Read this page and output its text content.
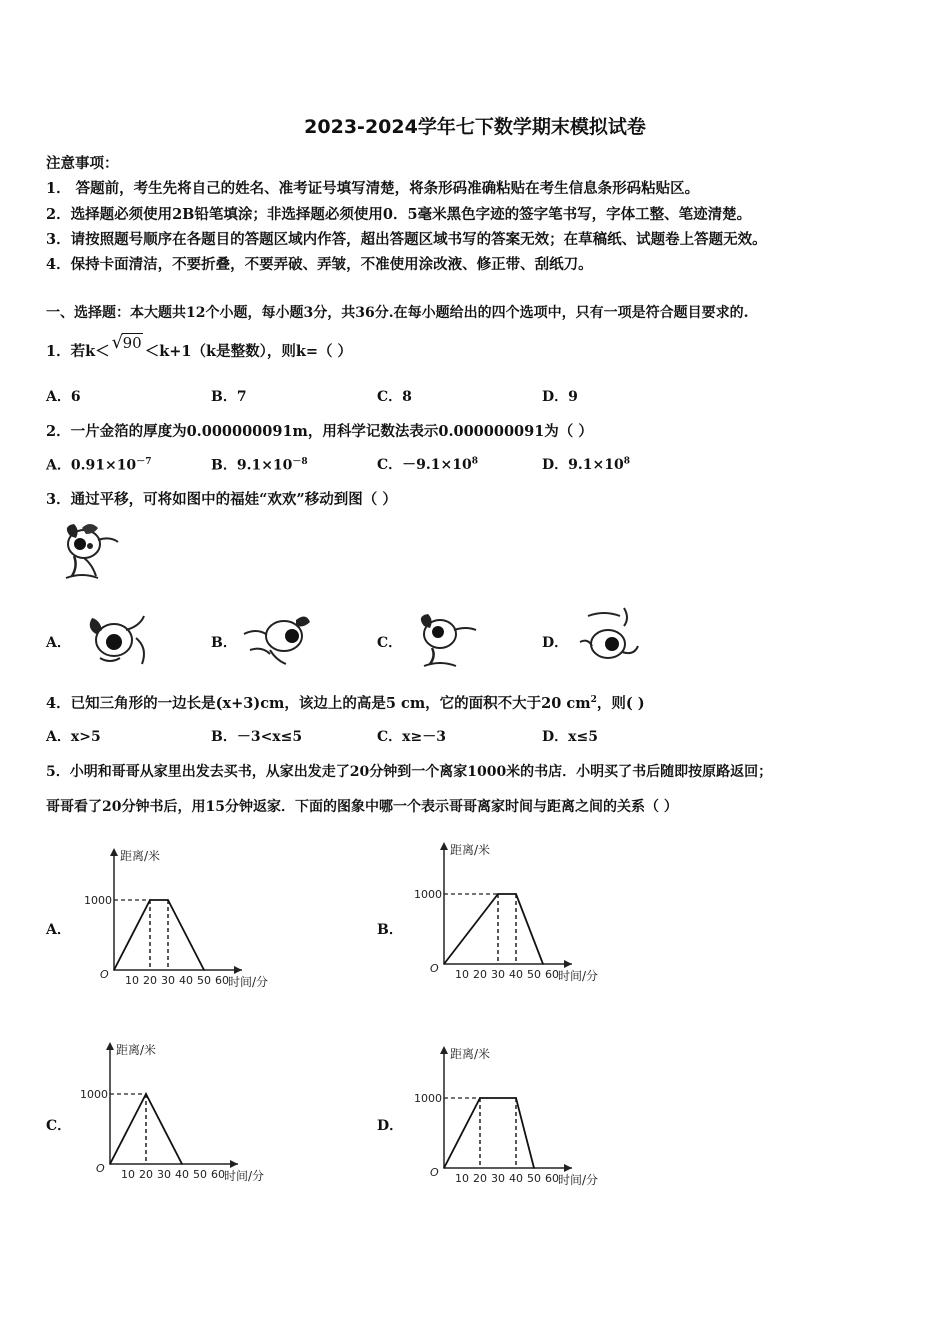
2023-2024学年七下数学期末模拟试卷
注意事项：
1． 答题前，考生先将自己的姓名、准考证号填写清楚，将条形码准确粘贴在考生信息条形码粘贴区。
2．选择题必须使用2B铅笔填涂；非选择题必须使用0．5毫米黑色字迹的签字笔书写，字体工整、笔迹清楚。
3．请按照题号顺序在各题目的答题区域内作答，超出答题区域书写的答案无效；在草稿纸、试题卷上答题无效。
4．保持卡面清洁，不要折叠，不要弄破、弄皱，不准使用涂改液、修正带、刮纸刀。
一、选择题：本大题共12个小题，每小题3分，共36分.在每小题给出的四个选项中，只有一项是符合题目要求的.
1．若k＜ √ 90 ＜k+1（k是整数），则k=（ ）
A．6	B．7	C．8	D．9
2．一片金箔的厚度为0.000000091m，用科学记数法表示0.000000091为（ ）
A．$0.91\times 10^{-7}$	B．$9.1\times 10^{-8}$	C．$-9.1\times 10^8$	D．$9.1\times 10^8$
3．通过平移，可将如图中的福娃“欢欢”移动到图（ ）
A．	B．	C．	D．
4．已知三角形的一边长是(x+3)cm，该边上的高是5 cm，它的面积不大于20 $cm^2$，则( )
A．x>5	B．－3<x≤5	C．x≥－3	D．x≤5
5．小明和哥哥从家里出发去买书，从家出发走了20分钟到一个离家1000米的书店．小明买了书后随即按原路返回；
哥哥看了20分钟书后，用15分钟返家．下面的图象中哪一个表示哥哥离家时间与距离之间的关系（ ）
A．	B．
C．	D．
距离/米
时间/分
O
1000
10 20 30 40 50 60
距离/米
时间/分
O
1000
10 20 30 40 50 60
距离/米
时间/分
O
1000
10 20 30 40 50 60
距离/米
时间/分
O
1000
10 20 30 40 50 60
